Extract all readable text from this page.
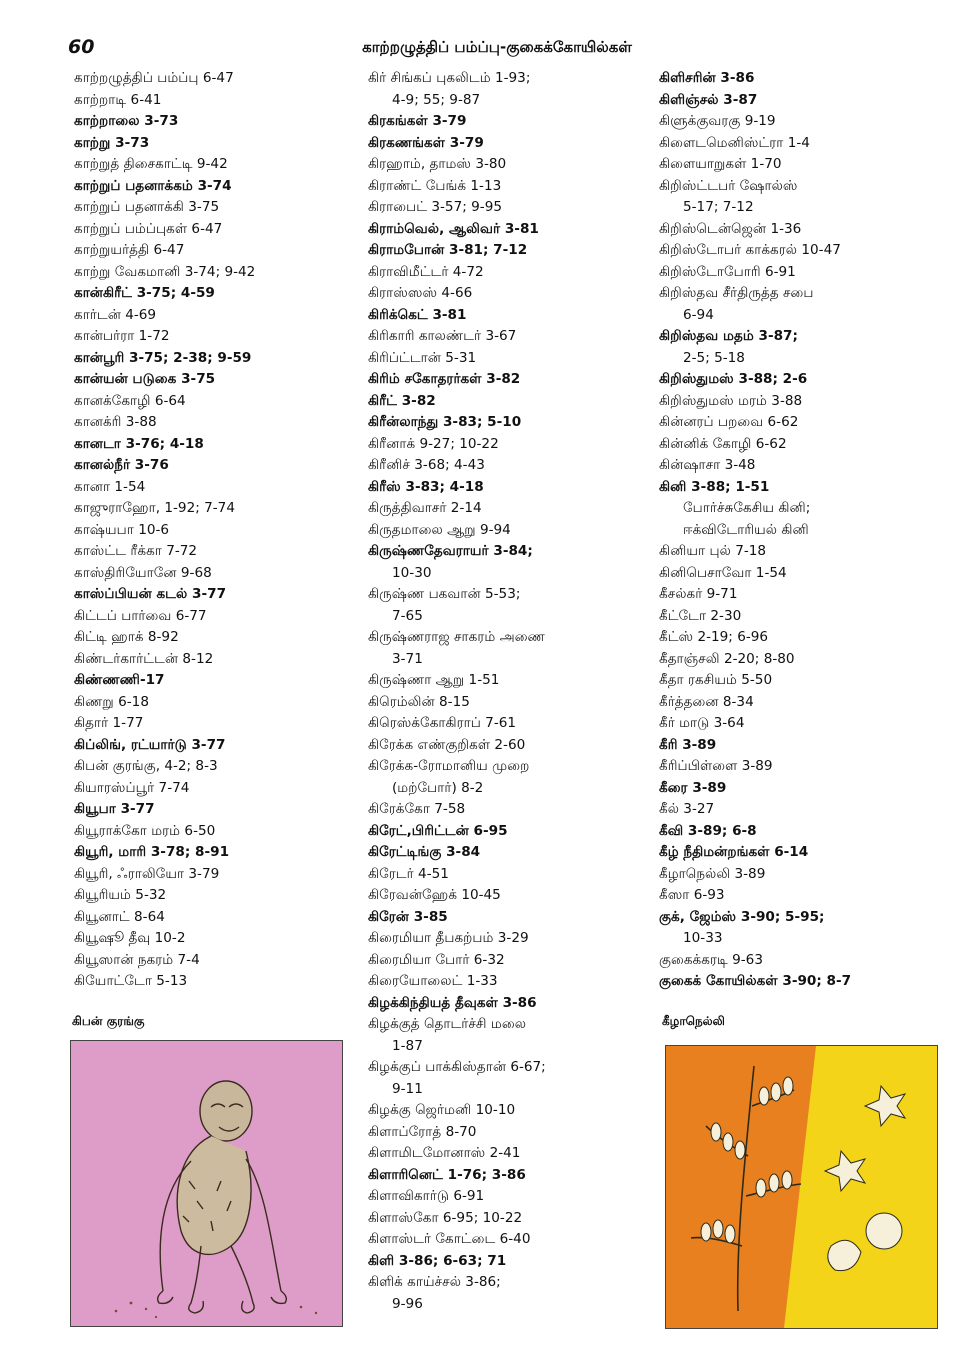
60	காற்றழுத்திப் பம்ப்பு-குகைக்கோயில்கள்
காற்றழுத்திப் பம்ப்பு 6-47
காற்றாடி 6-41
காற்றாலை 3-73
காற்று 3-73
காற்றுத் திசைகாட்டி 9-42
காற்றுப் பதனாக்கம் 3-74
காற்றுப் பதனாக்கி 3-75
காற்றுப் பம்ப்புகள் 6-47
காற்றுயர்த்தி 6-47
காற்று வேகமானி 3-74; 9-42
கான்கிரீட் 3-75; 4-59
கார்டன் 4-69
கான்பர்ரா 1-72
கான்பூரி 3-75; 2-38; 9-59
கான்யன் படுகை 3-75
கானக்கோழி 6-64
கானக்ரி 3-88
கானடா 3-76; 4-18
கானல்நீர் 3-76
கானா 1-54
காஜுராஹோ, 1-92; 7-74
காஷ்யபா 10-6
காஸ்ட்ட ரீக்கா 7-72
காஸ்திரியோனே 9-68
காஸ்ப்பியன் கடல் 3-77
கிட்டப் பார்வை 6-77
கிட்டி ஹாக் 8-92
கிண்டர்கார்ட்டன் 8-12
கிண்ணணி-17
கிணறு 6-18
கிதார் 1-77
கிப்லிங், ரட்யார்டு 3-77
கிபன் குரங்கு, 4-2; 8-3
கியாரஸ்ப்பூர் 7-74
கியூபா 3-77
கியூராக்கோ மரம் 6-50
கியூரி, மாரி 3-78; 8-91
கியூரி, ஃராலியோ 3-79
கியூரியம் 5-32
கியூனாட் 8-64
கியூஷூ தீவு 10-2
கியூஸான் நகரம் 7-4
கியோட்டோ 5-13
கிர் சிங்கப் புகலிடம் 1-93;
4-9; 55; 9-87
கிரகங்கள் 3-79
கிரகணங்கள் 3-79
கிரஹாம், தாமஸ் 3-80
கிராண்ட் பேங்க் 1-13
கிராபைட் 3-57; 9-95
கிராம்வெல், ஆலிவர் 3-81
கிராமபோன் 3-81; 7-12
கிராவிமீட்டர் 4-72
கிராஸ்ஸஸ் 4-66
கிரிக்கெட் 3-81
கிரிகாரி காலண்டர் 3-67
கிரிப்ட்டான் 5-31
கிரிம் சகோதரர்கள் 3-82
கிரீட் 3-82
கிரீன்லாந்து 3-83; 5-10
கிரீனாக் 9-27; 10-22
கிரீனிச் 3-68; 4-43
கிரீஸ் 3-83; 4-18
கிருத்திவாசர் 2-14
கிருதமாலை ஆறு 9-94
கிருஷ்ணதேவராயர் 3-84;
10-30
கிருஷ்ண பகவான் 5-53;
7-65
கிருஷ்ணராஜ சாகரம் அணை
3-71
கிருஷ்ணா ஆறு 1-51
கிரெம்லின் 8-15
கிரெஸ்க்கோகிராப் 7-61
கிரேக்க எண்குறிகள் 2-60
கிரேக்க-ரோமானிய முறை
(மற்போர்) 8-2
கிரேக்கோ 7-58
கிரேட்,பிரிட்டன் 6-95
கிரேட்டிங்கு 3-84
கிரேடர் 4-51
கிரேவன்ஹேக் 10-45
கிரேன் 3-85
கிரைமியா தீபகற்பம் 3-29
கிரைமியா போர் 6-32
கிரையோலைட் 1-33
கிழக்கிந்தியத் தீவுகள் 3-86
கிழக்குத் தொடர்ச்சி மலை
1-87
கிழக்குப் பாக்கிஸ்தான் 6-67;
9-11
கிழக்கு ஜெர்மனி 10-10
கிளாப்ரோத் 8-70
கிளாமிடமோனாஸ் 2-41
கிளாரினெட் 1-76; 3-86
கிளாவிகார்டு 6-91
கிளாஸ்கோ 6-95; 10-22
கிளாஸ்டர் கோட்டை 6-40
கிளி 3-86; 6-63; 71
கிளிக் காய்ச்சல் 3-86;
9-96
கிளிசரின் 3-86
கிளிஞ்சல் 3-87
கிளுக்குவரகு 9-19
கிளைடமெனிஸ்ட்ரா 1-4
கிளையாறுகள் 1-70
கிறிஸ்ட்டபர் ஷோல்ஸ்
5-17; 7-12
கிறிஸ்டென்ஜென் 1-36
கிறிஸ்டோபர் காக்கரல் 10-47
கிறிஸ்டோபோரி 6-91
கிறிஸ்தவ சீர்திருத்த சபை
6-94
கிறிஸ்தவ மதம் 3-87;
2-5; 5-18
கிறிஸ்துமஸ் 3-88; 2-6
கிறிஸ்துமஸ் மரம் 3-88
கின்னரப் பறவை 6-62
கின்னிக் கோழி 6-62
கின்ஷாசா 3-48
கினி 3-88; 1-51
போர்ச்சுகேசிய கினி;
ஈக்விடோரியல் கினி
கினியா புல் 7-18
கினிபெசாவோ 1-54
கீசல்கர் 9-71
கீட்டோ 2-30
கீட்ஸ் 2-19; 6-96
கீதாஞ்சலி 2-20; 8-80
கீதா ரகசியம் 5-50
கீர்த்தனை 8-34
கீர் மாடு 3-64
கீரி 3-89
கீரிப்பிள்ளை 3-89
கீரை 3-89
கீல் 3-27
கீவி 3-89; 6-8
கீழ் நீதிமன்றங்கள் 6-14
கீழாநெல்லி 3-89
கீஸா 6-93
குக், ஜேம்ஸ் 3-90; 5-95;
10-33
குகைக்கரடி 9-63
குகைக் கோயில்கள் 3-90; 8-7
கிபன் குரங்கு	கீழாநெல்லி
